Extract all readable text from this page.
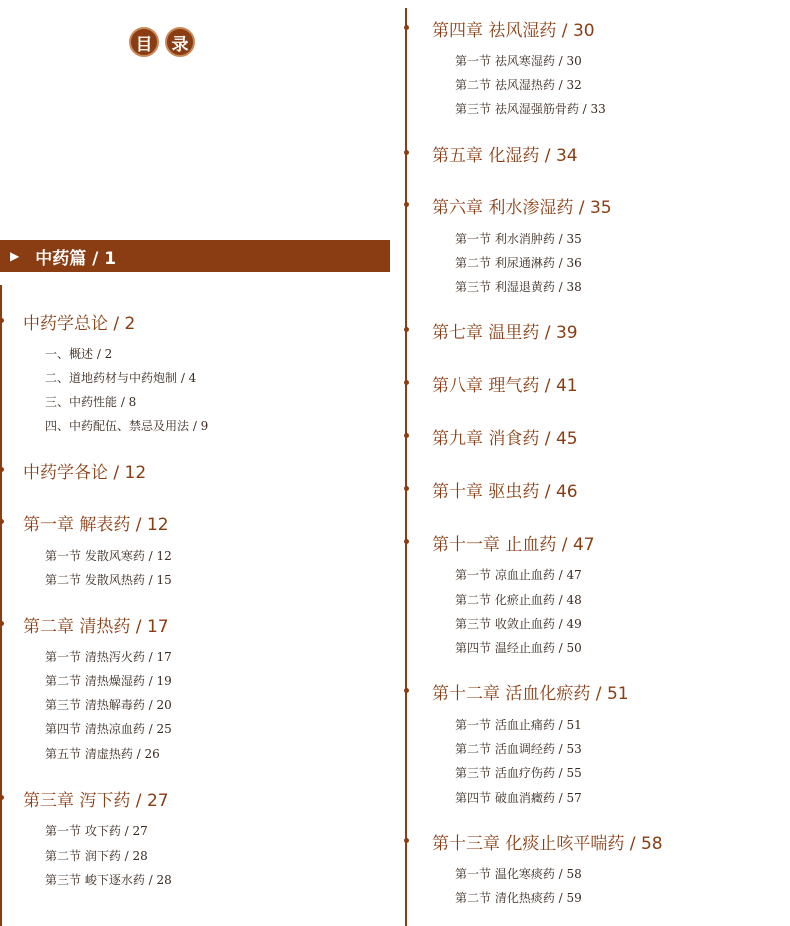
目	录
▶ 中药篇 / 1
中药学总论 / 2
一、概述 / 2
二、道地药材与中药炮制 / 4
三、中药性能 / 8
四、中药配伍、禁忌及用法 / 9
中药学各论 / 12
第一章 解表药 / 12
第一节 发散风寒药 / 12
第二节 发散风热药 / 15
第二章 清热药 / 17
第一节 清热泻火药 / 17
第二节 清热燥湿药 / 19
第三节 清热解毒药 / 20
第四节 清热凉血药 / 25
第五节 清虚热药 / 26
第三章 泻下药 / 27
第一节 攻下药 / 27
第二节 润下药 / 28
第三节 峻下逐水药 / 28
第四章 祛风湿药 / 30
第一节 祛风寒湿药 / 30
第二节 祛风湿热药 / 32
第三节 祛风湿强筋骨药 / 33
第五章 化湿药 / 34
第六章 利水渗湿药 / 35
第一节 利水消肿药 / 35
第二节 利尿通淋药 / 36
第三节 利湿退黄药 / 38
第七章 温里药 / 39
第八章 理气药 / 41
第九章 消食药 / 45
第十章 驱虫药 / 46
第十一章 止血药 / 47
第一节 凉血止血药 / 47
第二节 化瘀止血药 / 48
第三节 收敛止血药 / 49
第四节 温经止血药 / 50
第十二章 活血化瘀药 / 51
第一节 活血止痛药 / 51
第二节 活血调经药 / 53
第三节 活血疗伤药 / 55
第四节 破血消癥药 / 57
第十三章 化痰止咳平喘药 / 58
第一节 温化寒痰药 / 58
第二节 清化热痰药 / 59
